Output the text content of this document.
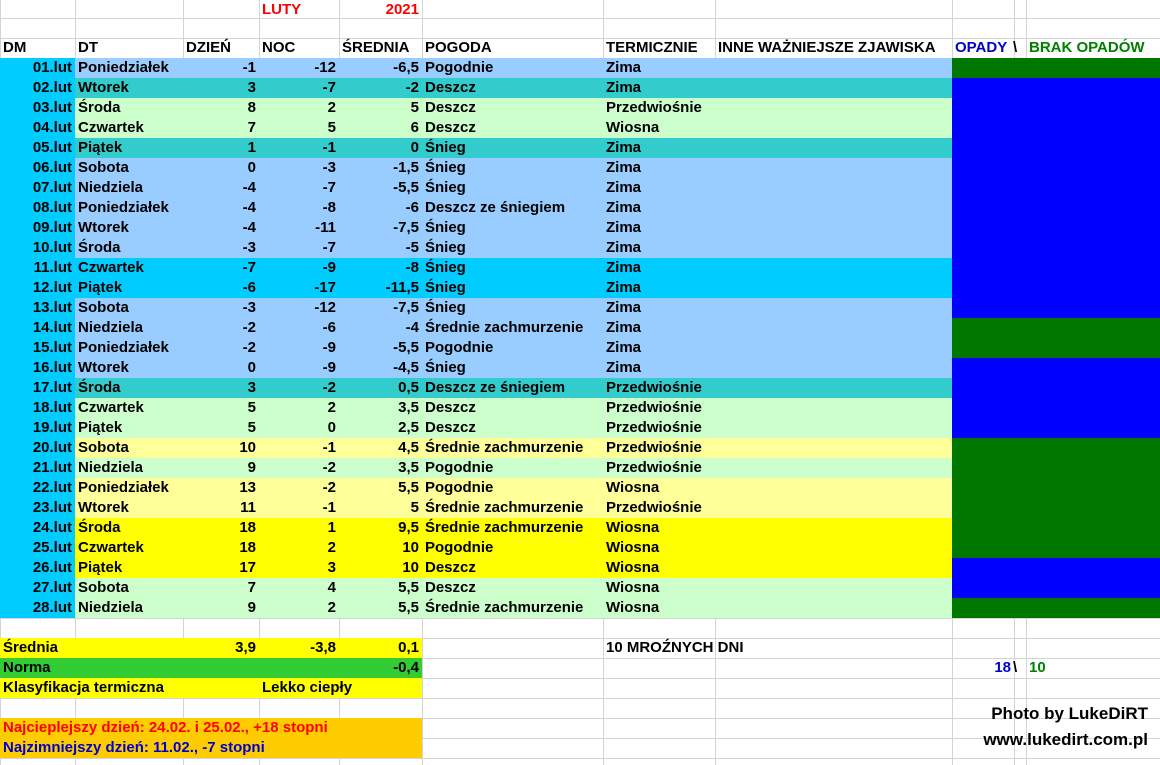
LUTY	2021
DM	DT	DZIEŃ	NOC	ŚREDNIA	POGODA	TERMICZNIE	INNE WAŻNIEJSZE ZJAWISKA	OPADY \ BRAK OPADÓW
01.lut Poniedziałek	-1	-12	-6,5 Pogodnie	Zima
02.lut Wtorek	3	-7	-2 Deszcz	Zima
03.lut Środa	8	2	5 Deszcz	Przedwiośnie
04.lut Czwartek	7	5	6 Deszcz	Wiosna
05.lut Piątek	1	-1	0 Śnieg	Zima
06.lut Sobota	0	-3	-1,5 Śnieg	Zima
07.lut Niedziela	-4	-7	-5,5 Śnieg	Zima
08.lut Poniedziałek	-4	-8	-6 Deszcz ze śniegiem	Zima
09.lut Wtorek	-4	-11	-7,5 Śnieg	Zima
10.lut Środa	-3	-7	-5 Śnieg	Zima
11.lut Czwartek	-7	-9	-8 Śnieg	Zima
12.lut Piątek	-6	-17	-11,5 Śnieg	Zima
13.lut Sobota	-3	-12	-7,5 Śnieg	Zima
14.lut Niedziela	-2	-6	-4 Średnie zachmurzenie	Zima
15.lut Poniedziałek	-2	-9	-5,5 Pogodnie	Zima
16.lut Wtorek	0	-9	-4,5 Śnieg	Zima
17.lut Środa	3	-2	0,5 Deszcz ze śniegiem	Przedwiośnie
18.lut Czwartek	5	2	3,5 Deszcz	Przedwiośnie
19.lut Piątek	5	0	2,5 Deszcz	Przedwiośnie
20.lut Sobota	10	-1	4,5 Średnie zachmurzenie	Przedwiośnie
21.lut Niedziela	9	-2	3,5 Pogodnie	Przedwiośnie
22.lut Poniedziałek	13	-2	5,5 Pogodnie	Wiosna
23.lut Wtorek	11	-1	5 Średnie zachmurzenie	Przedwiośnie
24.lut Środa	18	1	9,5 Średnie zachmurzenie	Wiosna
25.lut Czwartek	18	2	10 Pogodnie	Wiosna
26.lut Piątek	17	3	10 Deszcz	Wiosna
27.lut Sobota	7	4	5,5 Deszcz	Wiosna
28.lut Niedziela	9	2	5,5 Średnie zachmurzenie	Wiosna
Średnia	3,9	-3,8	0,1	10 MROŹNYCH DNI
Norma	-0,4	18 \ 10
Klasyfikacja termiczna	Lekko ciepły
Najcieplejszy dzień: 24.02. i 25.02., +18 stopni
Najzimniejszy dzień: 11.02., -7 stopni
Photo by LukeDiRT
www.lukedirt.com.pl
